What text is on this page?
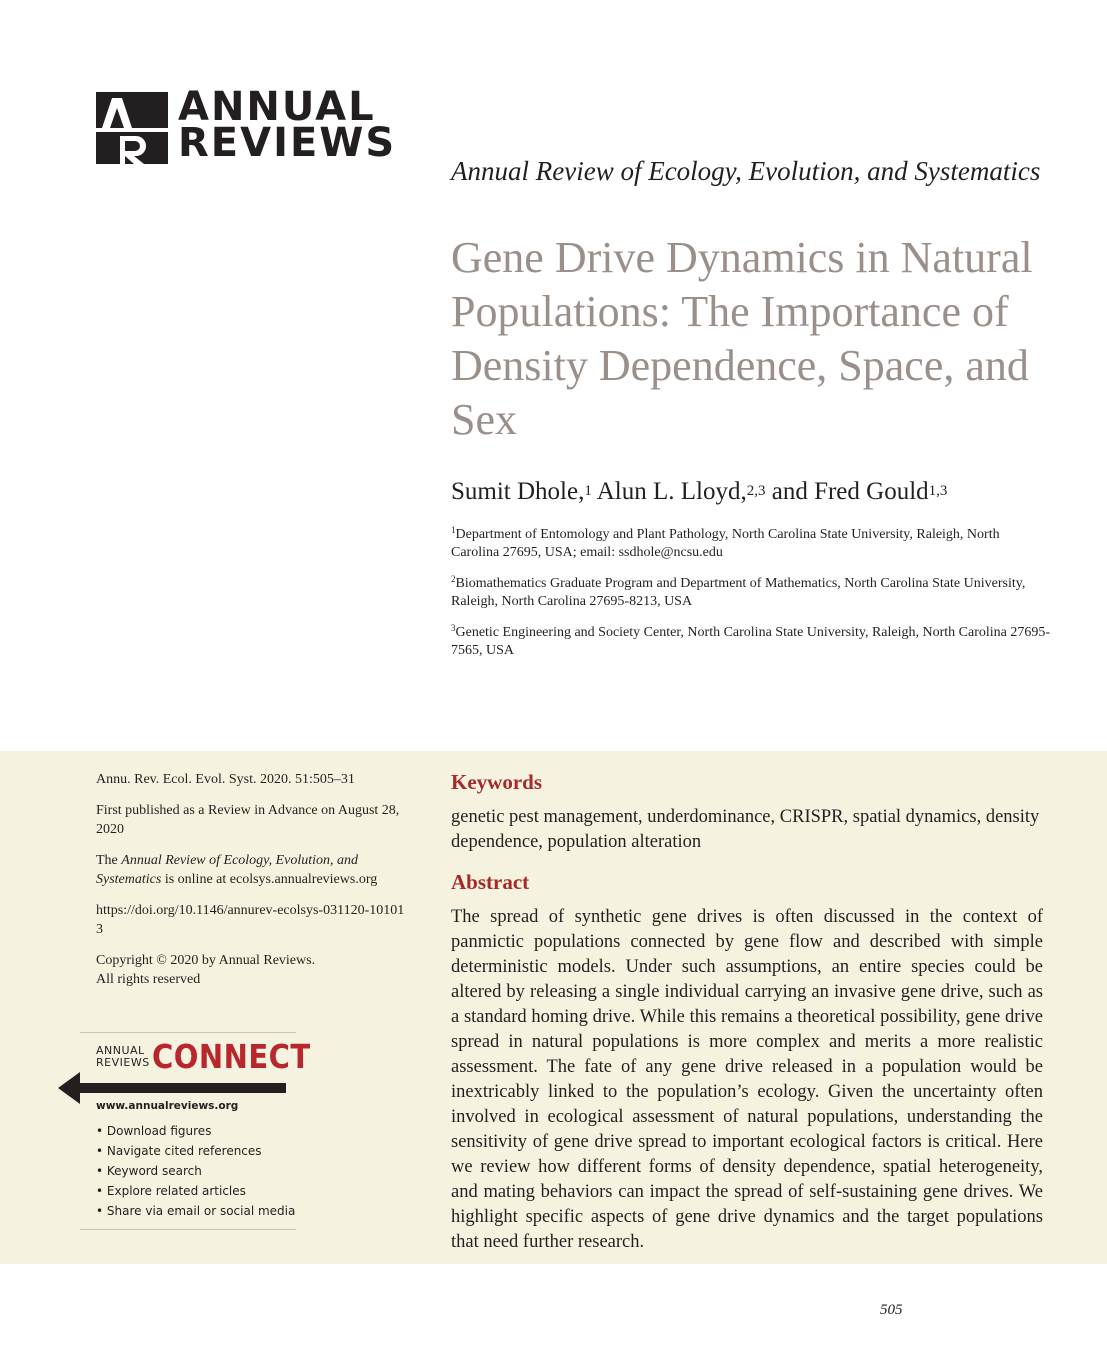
ANNUAL
REVIEWS
Annual Review of Ecology, Evolution, and Systematics
Gene Drive Dynamics in Natural Populations: The Importance of Density Dependence, Space, and Sex
Sumit Dhole,$^1$ Alun L. Lloyd,$^{2,3}$ and Fred Gould$^{1,3}$
$^1$Department of Entomology and Plant Pathology, North Carolina State University, Raleigh, North Carolina 27695, USA; email: ssdhole@ncsu.edu
$^2$Biomathematics Graduate Program and Department of Mathematics, North Carolina State University, Raleigh, North Carolina 27695-8213, USA
$^3$Genetic Engineering and Society Center, North Carolina State University, Raleigh, North Carolina 27695-7565, USA

Annu. Rev. Ecol. Evol. Syst. 2020. 51:505–31

First published as a Review in Advance on August 28, 2020

The Annual Review of Ecology, Evolution, and Systematics is online at ecolsys.annualreviews.org

https://doi.org/10.1146/annurev-ecolsys-031120-101013

Copyright © 2020 by Annual Reviews.
All rights reserved

ANNUAL
REVIEWS CONNECT
www.annualreviews.org
• Download figures
• Navigate cited references
• Keyword search
• Explore related articles
• Share via email or social media
Keywords
genetic pest management, underdominance, CRISPR, spatial dynamics, density dependence, population alteration
Abstract
The spread of synthetic gene drives is often discussed in the context of panmictic populations connected by gene flow and described with simple deterministic models. Under such assumptions, an entire species could be altered by releasing a single individual carrying an invasive gene drive, such as a standard homing drive. While this remains a theoretical possibility, gene drive spread in natural populations is more complex and merits a more realistic assessment. The fate of any gene drive released in a population would be inextricably linked to the population’s ecology. Given the uncertainty often involved in ecological assessment of natural populations, understanding the sensitivity of gene drive spread to important ecological factors is critical. Here we review how different forms of density dependence, spatial heterogeneity, and mating behaviors can impact the spread of self-sustaining gene drives. We highlight specific aspects of gene drive dynamics and the target populations that need further research.
505
